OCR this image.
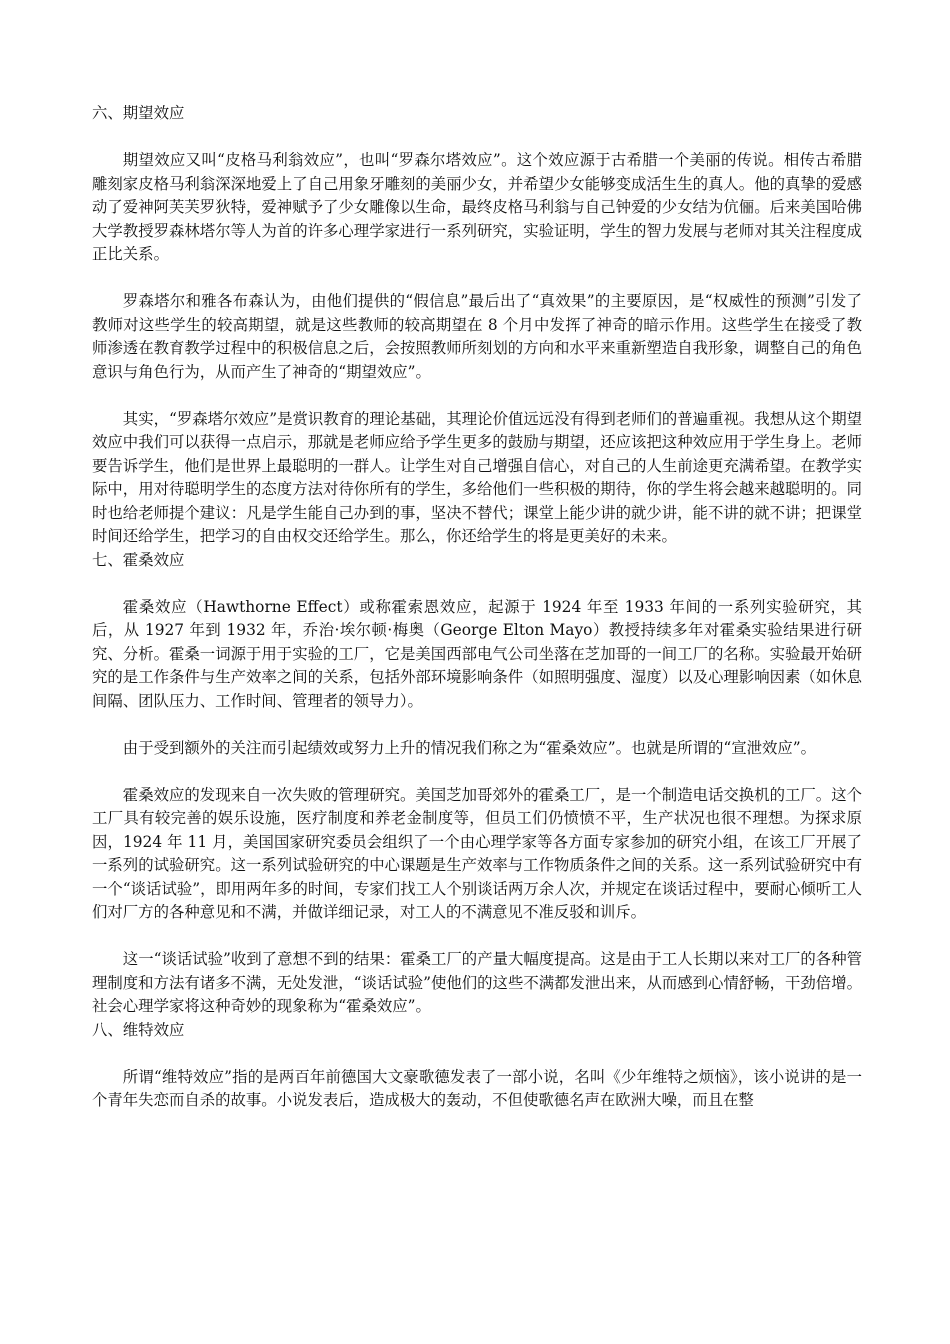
六、期望效应

期望效应又叫“皮格马利翁效应”，也叫“罗森尔塔效应”。这个效应源于古希腊一个美丽的传说。相传古希腊雕刻家皮格马利翁深深地爱上了自己用象牙雕刻的美丽少女，并希望少女能够变成活生生的真人。他的真挚的爱感动了爱神阿芙芙罗狄特，爱神赋予了少女雕像以生命，最终皮格马利翁与自己钟爱的少女结为伉俪。后来美国哈佛大学教授罗森林塔尔等人为首的许多心理学家进行一系列研究，实验证明，学生的智力发展与老师对其关注程度成正比关系。

罗森塔尔和雅各布森认为，由他们提供的“假信息”最后出了“真效果”的主要原因，是“权威性的预测”引发了教师对这些学生的较高期望，就是这些教师的较高期望在 8 个月中发挥了神奇的暗示作用。这些学生在接受了教师渗透在教育教学过程中的积极信息之后，会按照教师所刻划的方向和水平来重新塑造自我形象，调整自己的角色意识与角色行为，从而产生了神奇的“期望效应”。

其实，“罗森塔尔效应”是赏识教育的理论基础，其理论价值远远没有得到老师们的普遍重视。我想从这个期望效应中我们可以获得一点启示，那就是老师应给予学生更多的鼓励与期望，还应该把这种效应用于学生身上。老师要告诉学生，他们是世界上最聪明的一群人。让学生对自己增强自信心，对自己的人生前途更充满希望。在教学实际中，用对待聪明学生的态度方法对待你所有的学生，多给他们一些积极的期待，你的学生将会越来越聪明的。同时也给老师提个建议：凡是学生能自己办到的事，坚决不替代；课堂上能少讲的就少讲，能不讲的就不讲；把课堂时间还给学生，把学习的自由权交还给学生。那么，你还给学生的将是更美好的未来。

七、霍桑效应

霍桑效应（Hawthorne Effect）或称霍索恩效应，起源于 1924 年至 1933 年间的一系列实验研究，其后，从 1927 年到 1932 年，乔治·埃尔顿·梅奥（George Elton Mayo）教授持续多年对霍桑实验结果进行研究、分析。霍桑一词源于用于实验的工厂，它是美国西部电气公司坐落在芝加哥的一间工厂的名称。实验最开始研究的是工作条件与生产效率之间的关系，包括外部环境影响条件（如照明强度、湿度）以及心理影响因素（如休息间隔、团队压力、工作时间、管理者的领导力）。

由于受到额外的关注而引起绩效或努力上升的情况我们称之为“霍桑效应”。也就是所谓的“宣泄效应”。

霍桑效应的发现来自一次失败的管理研究。美国芝加哥郊外的霍桑工厂，是一个制造电话交换机的工厂。这个工厂具有较完善的娱乐设施，医疗制度和养老金制度等，但员工们仍愤愤不平，生产状况也很不理想。为探求原因，1924 年 11 月，美国国家研究委员会组织了一个由心理学家等各方面专家参加的研究小组，在该工厂开展了一系列的试验研究。这一系列试验研究的中心课题是生产效率与工作物质条件之间的关系。这一系列试验研究中有一个“谈话试验”，即用两年多的时间，专家们找工人个别谈话两万余人次，并规定在谈话过程中，要耐心倾听工人们对厂方的各种意见和不满，并做详细记录，对工人的不满意见不准反驳和训斥。

这一“谈话试验”收到了意想不到的结果：霍桑工厂的产量大幅度提高。这是由于工人长期以来对工厂的各种管理制度和方法有诸多不满，无处发泄，“谈话试验”使他们的这些不满都发泄出来，从而感到心情舒畅，干劲倍增。社会心理学家将这种奇妙的现象称为“霍桑效应”。

八、维特效应

所谓“维特效应”指的是两百年前德国大文豪歌德发表了一部小说，名叫《少年维特之烦恼》，该小说讲的是一个青年失恋而自杀的故事。小说发表后，造成极大的轰动，不但使歌德名声在欧洲大噪，而且在整
